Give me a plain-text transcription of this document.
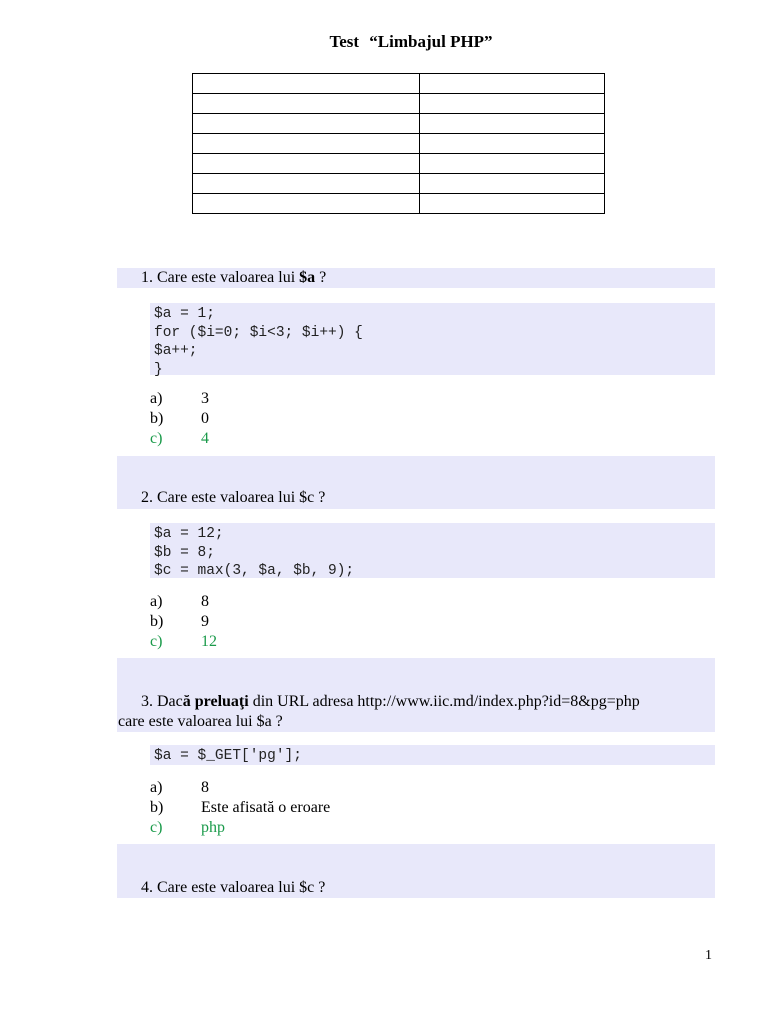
Test “Limbajul PHP”

1. Care este valoarea lui $a ?
$a = 1;
for ($i=0; $i<3; $i++) {
$a++;
}
a)	3
b)	0
c)	4
2. Care este valoarea lui $c ?
$a = 12;
$b = 8;
$c = max(3, $a, $b, 9);
a)	8
b)	9
c)	12
3. Dacă preluaţi din URL adresa http://www.iic.md/index.php?id=8&pg=php
care este valoarea lui $a ?
$a = $_GET['pg'];
a)	8
b)	Este afisată o eroare
c)	php
4. Care este valoarea lui $c ?
1
